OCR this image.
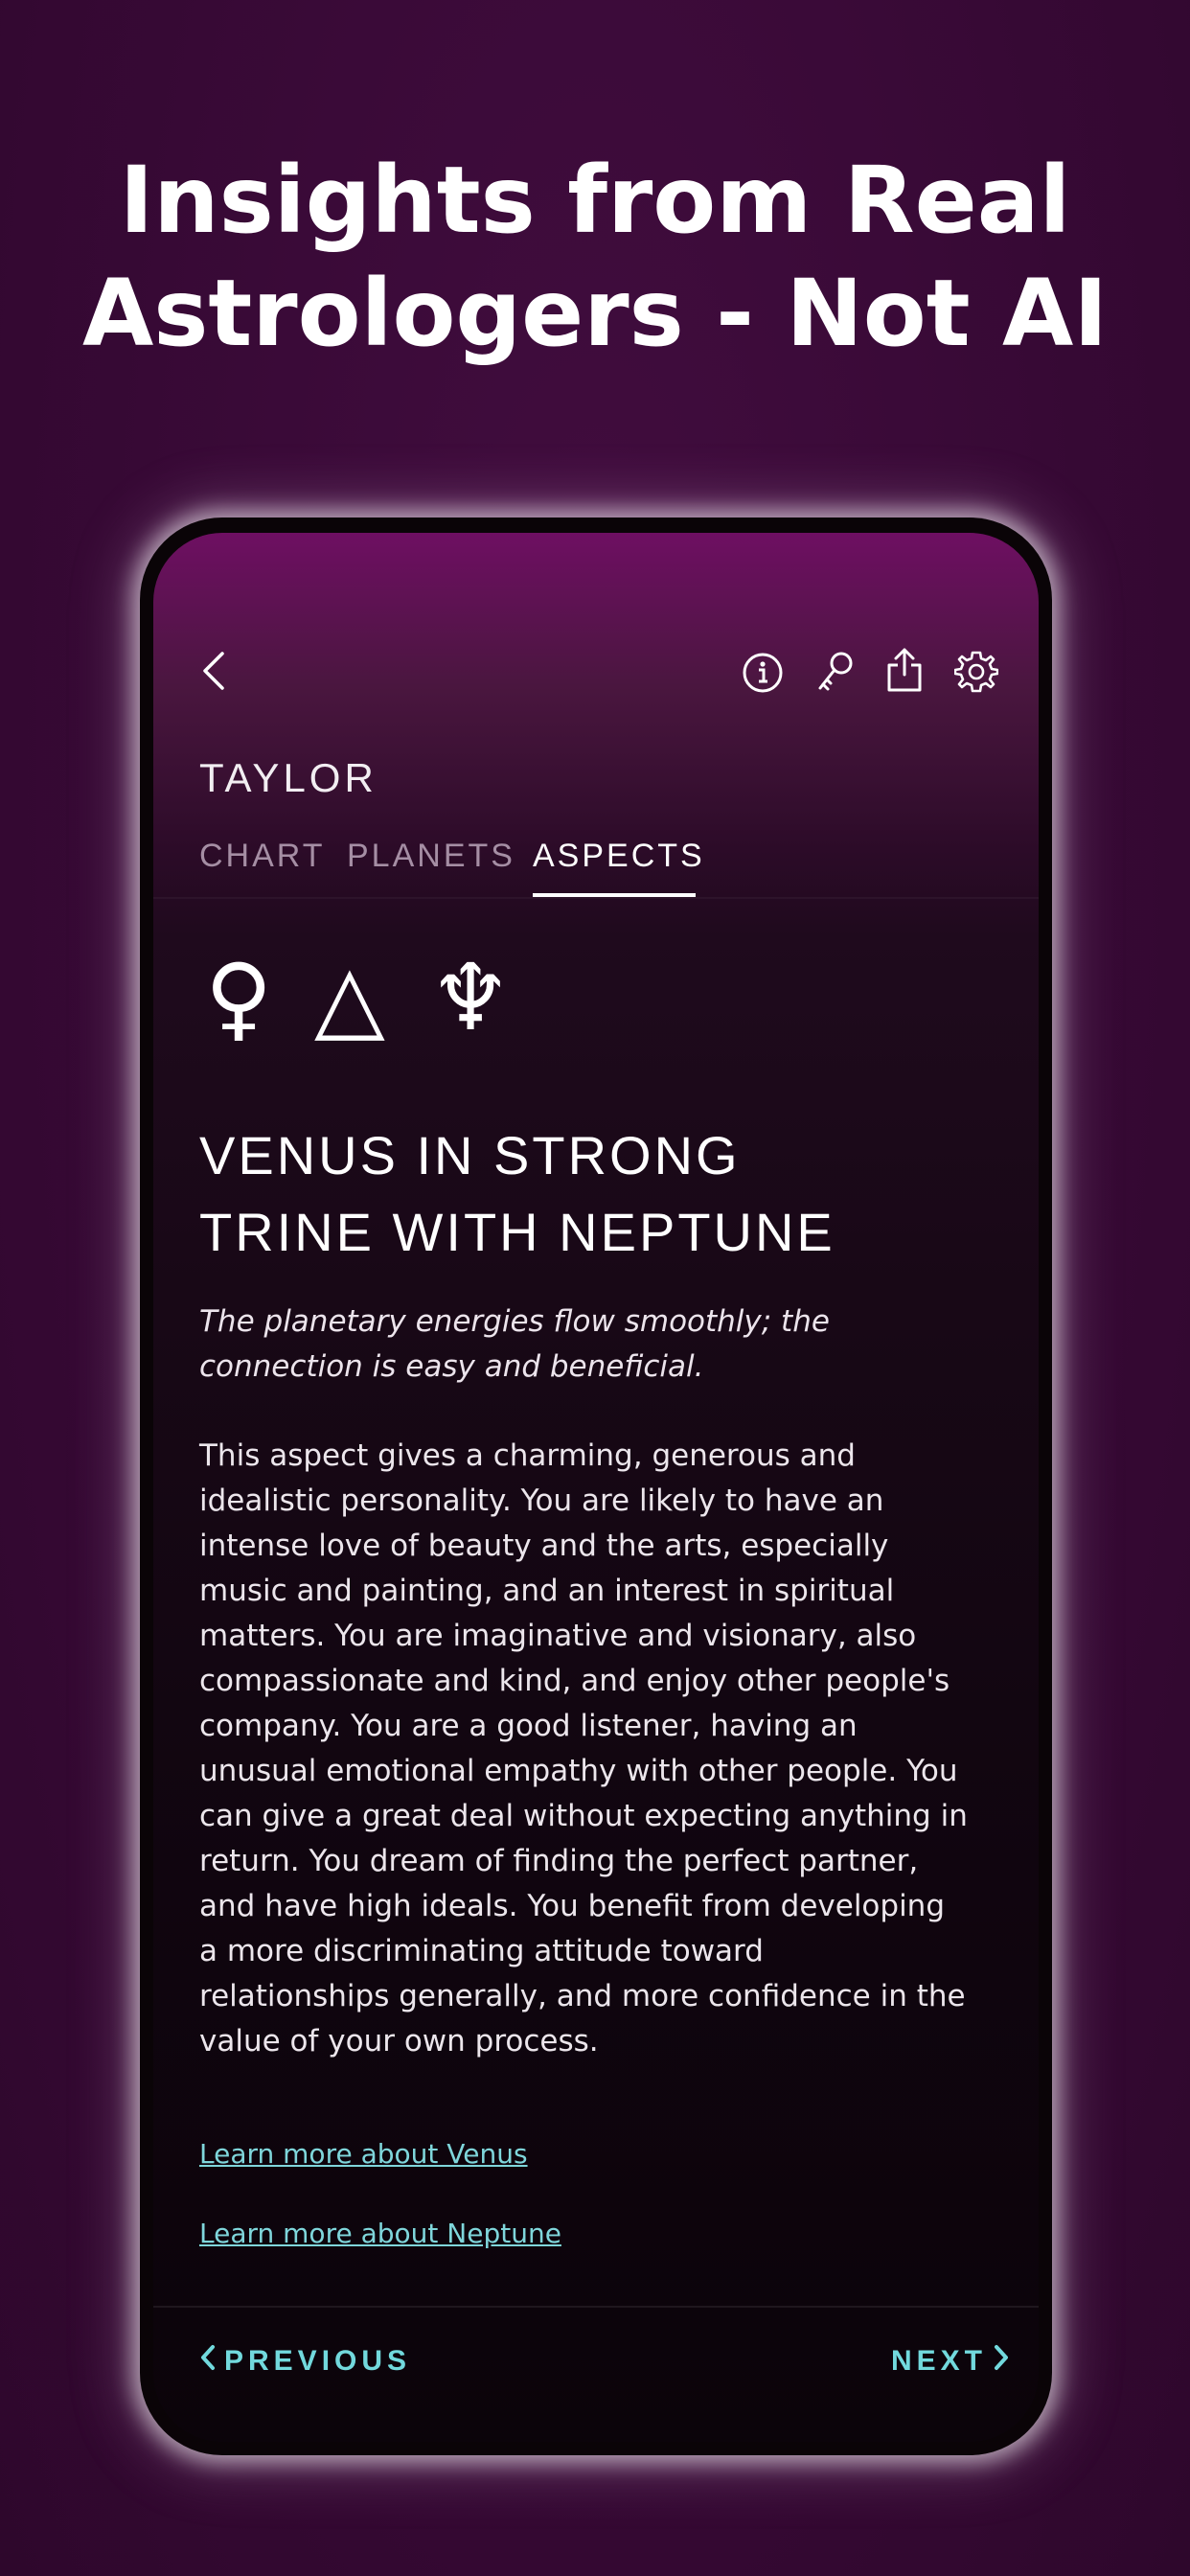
Insights from Real
Astrologers - Not AI
TAYLOR
CHART PLANETS ASPECTS
♀ △ ♆
VENUS IN STRONG
TRINE WITH NEPTUNE
The planetary energies flow smoothly; the connection is easy and beneficial.
This aspect gives a charming, generous and
idealistic personality. You are likely to have an
intense love of beauty and the arts, especially
music and painting, and an interest in spiritual
matters. You are imaginative and visionary, also
compassionate and kind, and enjoy other people's
company. You are a good listener, having an
unusual emotional empathy with other people. You
can give a great deal without expecting anything in
return. You dream of finding the perfect partner,
and have high ideals. You benefit from developing
a more discriminating attitude toward
relationships generally, and more confidence in the
value of your own process.
Learn more about Venus
Learn more about Neptune
PREVIOUS	NEXT
